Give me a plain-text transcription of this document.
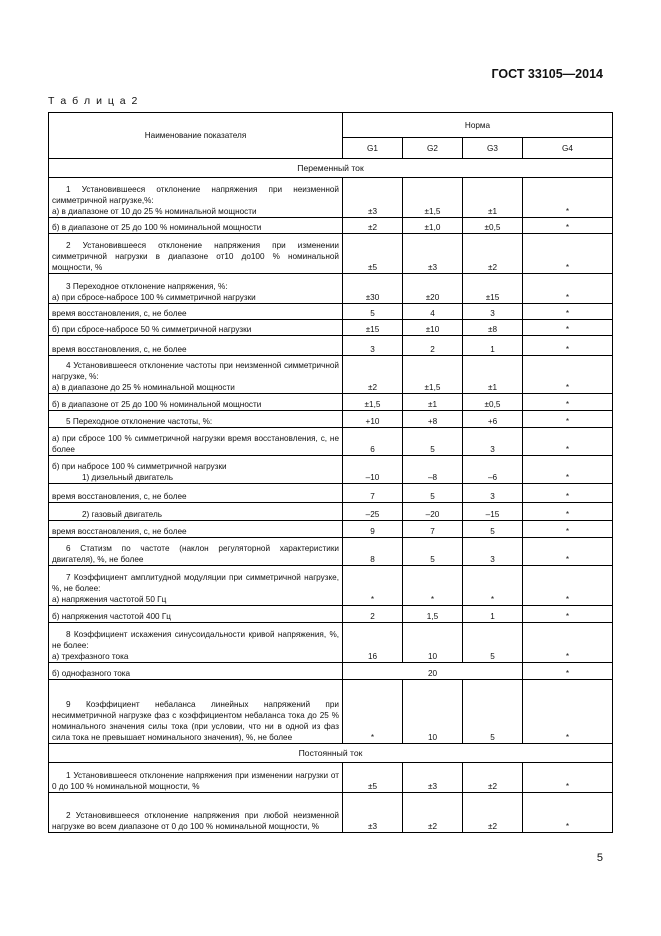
ГОСТ 33105—2014
Т а б л и ц а 2
Наименование показателя	Норма			
	G1	G2	G3	G4
Переменный ток				

1 Установившееся отклонение напряжения при неизменной симметричной нагрузке,%:

а) в диапазоне от 10 до 25 % номинальной мощности	±3	±1,5	±1	*

б) в диапазоне от 25 до 100 % номинальной мощности	±2	±1,0	±0,5	*

2 Установившееся отклонение напряжения при изменении симметричной нагрузки в диапазоне от10 до100 % номинальной мощности, %	±5	±3	±2	*

3 Переходное отклонение напряжения, %:

а) при сбросе-набросе 100 % симметричной нагрузки	±30	±20	±15	*

время восстановления, с, не более	5	4	3	*

б) при сбросе-набросе 50 % симметричной нагрузки	±15	±10	±8	*

время восстановления, с, не более	3	2	1	*

4 Установившееся отклонение частоты при неизменной симметричной нагрузке, %:

а) в диапазоне до 25 % номинальной мощности	±2	±1,5	±1	*

б) в диапазоне от 25 до 100 % номинальной мощности	±1,5	±1	±0,5	*

5 Переходное отклонение частоты, %:	+10	+8	+6	*

а) при сбросе 100 % симметричной нагрузки время восстановления, с, не более	6	5	3	*

б) при набросе 100 % симметричной нагрузки

1) дизельный двигатель	–10	–8	–6	*

время восстановления, с, не более	7	5	3	*

2) газовый двигатель	–25	–20	–15	*

время восстановления, с, не более	9	7	5	*

6 Статизм по частоте (наклон регуляторной характеристики двигателя), %, не более	8	5	3	*

7 Коэффициент амплитудной модуляции при симметричной нагрузке, %, не более:

а) напряжения частотой 50 Гц	*	*	*	*

б) напряжения частотой 400 Гц	2	1,5	1	*

8 Коэффициент искажения синусоидальности кривой напряжения, %, не более:

а) трехфазного тока	16	10	5	*

б) однофазного тока	20			*

9 Коэффициент небаланса линейных напряжений при несимметричной нагрузке фаз с коэффициентом небаланса тока до 25 % номинального значения силы тока (при условии, что ни в одной из фаз сила тока не превышает номинального значения), %, не более	*	10	5	*
Постоянный ток				

1 Установившееся отклонение напряжения при изменении нагрузки от 0 до 100 % номинальной мощности, %	±5	±3	±2	*

2 Установившееся отклонение напряжения при любой неизменной нагрузке во всем диапазоне от 0 до 100 % номинальной мощности, %	±3	±2	±2	*
5
